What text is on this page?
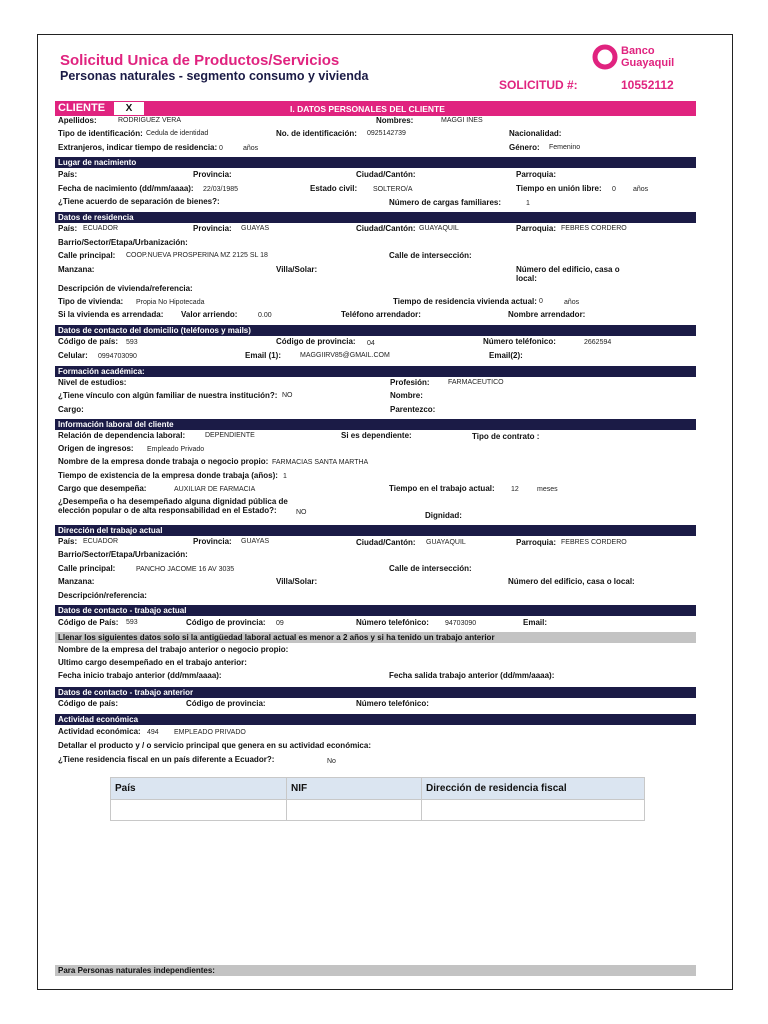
Solicitud Unica de Productos/Servicios
Personas naturales - segmento consumo y vivienda
Banco
Guayaquil
SOLICITUD #:	10552112
CLIENTE	X	I. DATOS PERSONALES DEL CLIENTE
Apellidos:	RODRIGUEZ VERA	Nombres:	MAGGI INES
Tipo de identificación: Cedula de identidad	No. de identificación: 0925142739	Nacionalidad:
Extranjeros, indicar tiempo de residencia: 0	años	Género: Femenino
Lugar de nacimiento
País:	Provincia:	Ciudad/Cantón:	Parroquia:
Fecha de nacimiento (dd/mm/aaaa): 22/03/1985	Estado civil: SOLTERO/A	Tiempo en unión libre: 0 años
¿Tiene acuerdo de separación de bienes?:	Número de cargas familiares:	1
Datos de residencia
País: ECUADOR	Provincia: GUAYAS	Ciudad/Cantón: GUAYAQUIL	Parroquia: FEBRES CORDERO
Barrio/Sector/Etapa/Urbanización:
Calle principal: COOP.NUEVA PROSPERINA MZ 2125 SL 18	Calle de intersección:
Manzana:	Villa/Solar:	Número del edificio, casa o
local:
Descripción de vivienda/referencia:
Tipo de vivienda: Propia No Hipotecada	Tiempo de residencia vivienda actual: 0	años
Si la vivienda es arrendada: Valor arriendo:	0.00	Teléfono arrendador:	Nombre arrendador:
Datos de contacto del domicilio (teléfonos y mails)
Código de país: 593	Código de provincia: 04	Número teléfonico:	2662594
Celular: 0994703090	Email (1):	MAGGIIRV85@GMAIL.COM	Email(2):
Formación académica:
Nivel de estudios:	Profesión:	FARMACEUTICO
¿Tiene vínculo con algún familiar de nuestra institución?: NO	Nombre:
Cargo:	Parentezco:
Información laboral del cliente
Relación de dependencia laboral:	DEPENDIENTE	Si es dependiente:	Tipo de contrato :
Origen de ingresos: Empleado Privado
Nombre de la empresa donde trabaja o negocio propio: FARMACIAS SANTA MARTHA
Tiempo de existencia de la empresa donde trabaja (años): 1
Cargo que desempeña:	AUXILIAR DE FARMACIA	Tiempo en el trabajo actual: 12	meses
¿Desempeña o ha desempeñado alguna dignidad pública de
elección popular o de alta responsabilidad en el Estado?:	NO	Dignidad:
Dirección del trabajo actual
País: ECUADOR	Provincia: GUAYAS	Ciudad/Cantón: GUAYAQUIL	Parroquia: FEBRES CORDERO
Barrio/Sector/Etapa/Urbanización:
Calle principal:	PANCHO JACOME 16 AV 3035	Calle de intersección:
Manzana:	Villa/Solar:	Número del edificio, casa o local:
Descripción/referencia:
Datos de contacto - trabajo actual
Código de País: 593	Código de provincia: 09	Número telefónico: 94703090	Email:
Llenar los siguientes datos solo si la antigüedad laboral actual es menor a 2 años y si ha tenido un trabajo anterior
Nombre de la empresa del trabajo anterior o negocio propio:
Ultimo cargo desempeñado en el trabajo anterior:
Fecha inicio trabajo anterior (dd/mm/aaaa):	Fecha salida trabajo anterior (dd/mm/aaaa):
Datos de contacto - trabajo anterior
Código de país:	Código de provincia:	Número telefónico:
Actividad económica
Actividad económica: 494 EMPLEADO PRIVADO
Detallar el producto y / o servicio principal que genera en su actividad económica:
¿Tiene residencia fiscal en un país diferente a Ecuador?:	No
País	NIF	Dirección de residencia fiscal

Para Personas naturales independientes:
